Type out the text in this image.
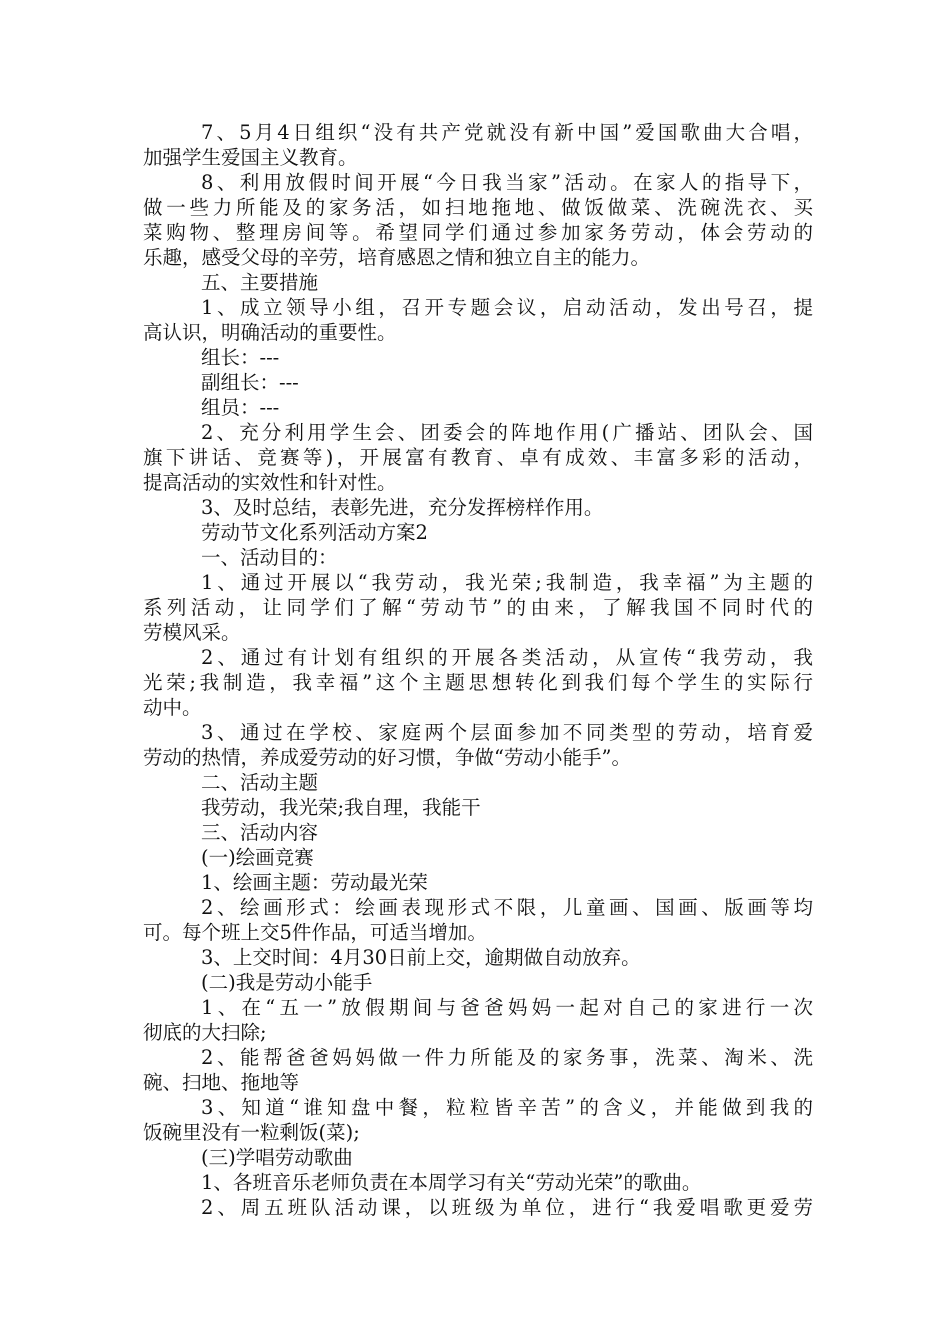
7、5月4日组织“没有共产党就没有新中国”爱国歌曲大合唱，
加强学生爱国主义教育。
8、利用放假时间开展“今日我当家”活动。在家人的指导下，
做一些力所能及的家务活，如扫地拖地、做饭做菜、洗碗洗衣、买
菜购物、整理房间等。希望同学们通过参加家务劳动，体会劳动的
乐趣，感受父母的辛劳，培育感恩之情和独立自主的能力。
五、主要措施
1、成立领导小组，召开专题会议，启动活动，发出号召，提
高认识，明确活动的重要性。
组长：---
副组长：---
组员：---
2、充分利用学生会、团委会的阵地作用(广播站、团队会、国
旗下讲话、竞赛等)，开展富有教育、卓有成效、丰富多彩的活动，
提高活动的实效性和针对性。
3、及时总结，表彰先进，充分发挥榜样作用。
劳动节文化系列活动方案2
一、活动目的：
1、通过开展以“我劳动，我光荣;我制造，我幸福”为主题的
系列活动，让同学们了解“劳动节”的由来，了解我国不同时代的
劳模风采。
2、通过有计划有组织的开展各类活动，从宣传“我劳动，我
光荣;我制造，我幸福”这个主题思想转化到我们每个学生的实际行
动中。
3、通过在学校、家庭两个层面参加不同类型的劳动，培育爱
劳动的热情，养成爱劳动的好习惯，争做“劳动小能手”。
二、活动主题
我劳动，我光荣;我自理，我能干
三、活动内容
(一)绘画竞赛
1、绘画主题：劳动最光荣
2、绘画形式：绘画表现形式不限，儿童画、国画、版画等均
可。每个班上交5件作品，可适当增加。
3、上交时间：4月30日前上交，逾期做自动放弃。
(二)我是劳动小能手
1、在“五一”放假期间与爸爸妈妈一起对自己的家进行一次
彻底的大扫除;
2、能帮爸爸妈妈做一件力所能及的家务事，洗菜、淘米、洗
碗、扫地、拖地等
3、知道“谁知盘中餐，粒粒皆辛苦”的含义，并能做到我的
饭碗里没有一粒剩饭(菜);
(三)学唱劳动歌曲
1、各班音乐老师负责在本周学习有关“劳动光荣”的歌曲。
2、周五班队活动课，以班级为单位，进行“我爱唱歌更爱劳
